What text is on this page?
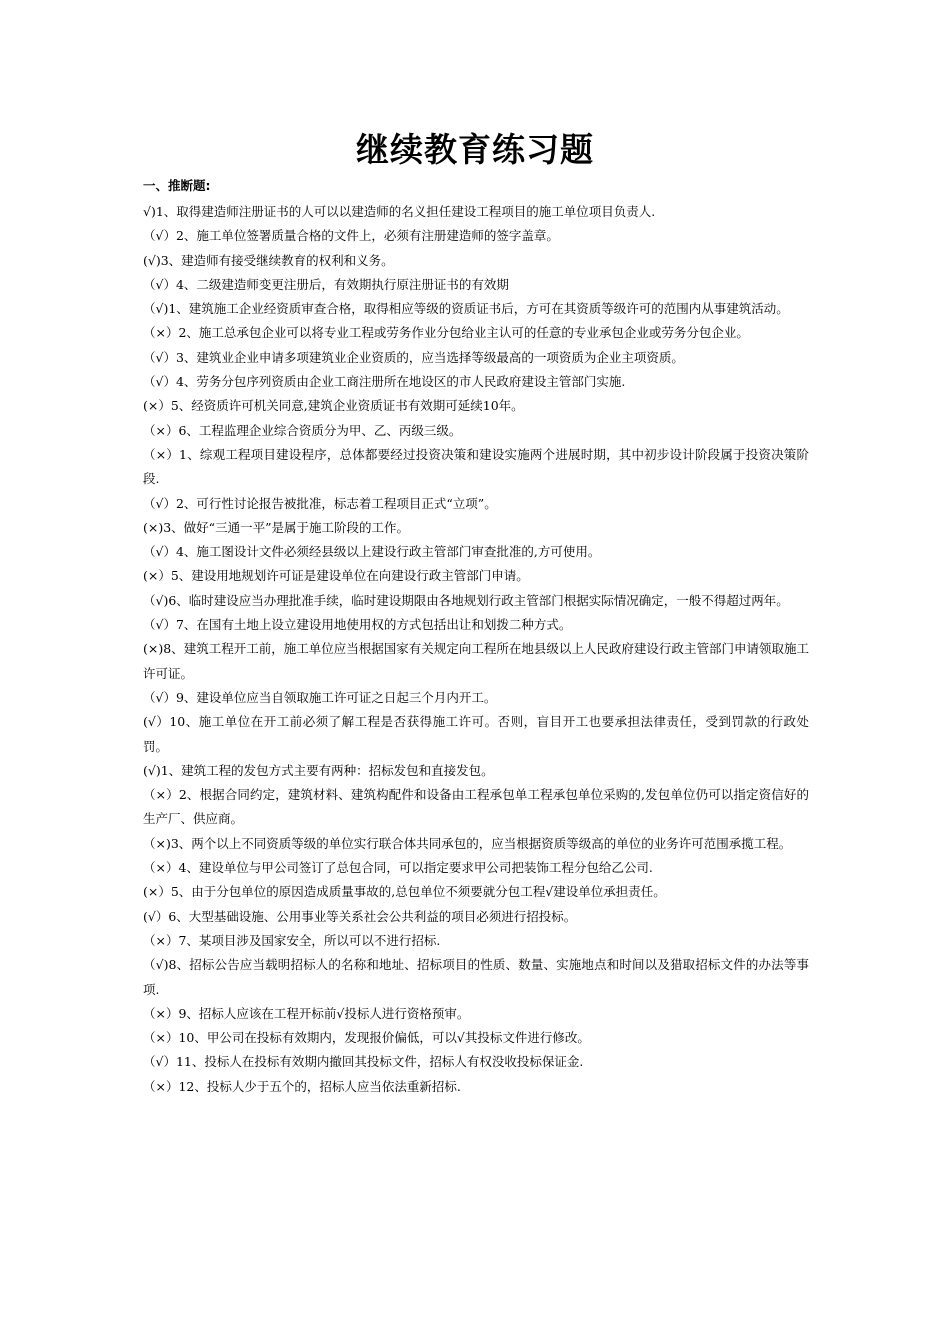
继续教育练习题
一、推断题:
√)1、取得建造师注册证书的人可以以建造师的名义担任建设工程项目的施工单位项目负责人.
（√）2、施工单位签署质量合格的文件上，必须有注册建造师的签字盖章。
(√)3、建造师有接受继续教育的权利和义务。
（√）4、二级建造师变更注册后，有效期执行原注册证书的有效期
（√)1、建筑施工企业经资质审查合格，取得相应等级的资质证书后，方可在其资质等级许可的范围内从事建筑活动。
（×）2、施工总承包企业可以将专业工程或劳务作业分包给业主认可的任意的专业承包企业或劳务分包企业。
（√）3、建筑业企业申请多项建筑业企业资质的，应当选择等级最高的一项资质为企业主项资质。
（√）4、劳务分包序列资质由企业工商注册所在地设区的市人民政府建设主管部门实施.
(×）5、经资质许可机关同意,建筑企业资质证书有效期可延续10年。
（×）6、工程监理企业综合资质分为甲、乙、丙级三级。
（×）1、综观工程项目建设程序，总体都要经过投资决策和建设实施两个进展时期，其中初步设计阶段属于投资决策阶段.
（√）2、可行性讨论报告被批准，标志着工程项目正式“立项”。
(×)3、做好“三通一平”是属于施工阶段的工作。
（√）4、施工图设计文件必须经县级以上建设行政主管部门审查批准的,方可使用。
(×）5、建设用地规划许可证是建设单位在向建设行政主管部门申请。
（√)6、临时建设应当办理批准手续，临时建设期限由各地规划行政主管部门根据实际情况确定，一般不得超过两年。
（√）7、在国有土地上设立建设用地使用权的方式包括出让和划拨二种方式。
(×)8、建筑工程开工前，施工单位应当根据国家有关规定向工程所在地县级以上人民政府建设行政主管部门申请领取施工许可证。
（√）9、建设单位应当自领取施工许可证之日起三个月内开工。
(√）10、施工单位在开工前必须了解工程是否获得施工许可。否则，盲目开工也要承担法律责任，受到罚款的行政处罚。
(√)1、建筑工程的发包方式主要有两种：招标发包和直接发包。
（×）2、根据合同约定，建筑材料、建筑构配件和设备由工程承包单工程承包单位采购的,发包单位仍可以指定资信好的生产厂、供应商。
（×)3、两个以上不同资质等级的单位实行联合体共同承包的，应当根据资质等级高的单位的业务许可范围承揽工程。
（×）4、建设单位与甲公司签订了总包合同，可以指定要求甲公司把装饰工程分包给乙公司.
(×）5、由于分包单位的原因造成质量事故的,总包单位不须要就分包工程√建设单位承担责任。
(√）6、大型基础设施、公用事业等关系社会公共利益的项目必须进行招投标。
（×）7、某项目涉及国家安全，所以可以不进行招标.
（√)8、招标公告应当载明招标人的名称和地址、招标项目的性质、数量、实施地点和时间以及猎取招标文件的办法等事项.
（×）9、招标人应该在工程开标前√投标人进行资格预审。
（×）10、甲公司在投标有效期内，发现报价偏低，可以√其投标文件进行修改。
（√）11、投标人在投标有效期内撤回其投标文件，招标人有权没收投标保证金.
（×）12、投标人少于五个的，招标人应当依法重新招标.
